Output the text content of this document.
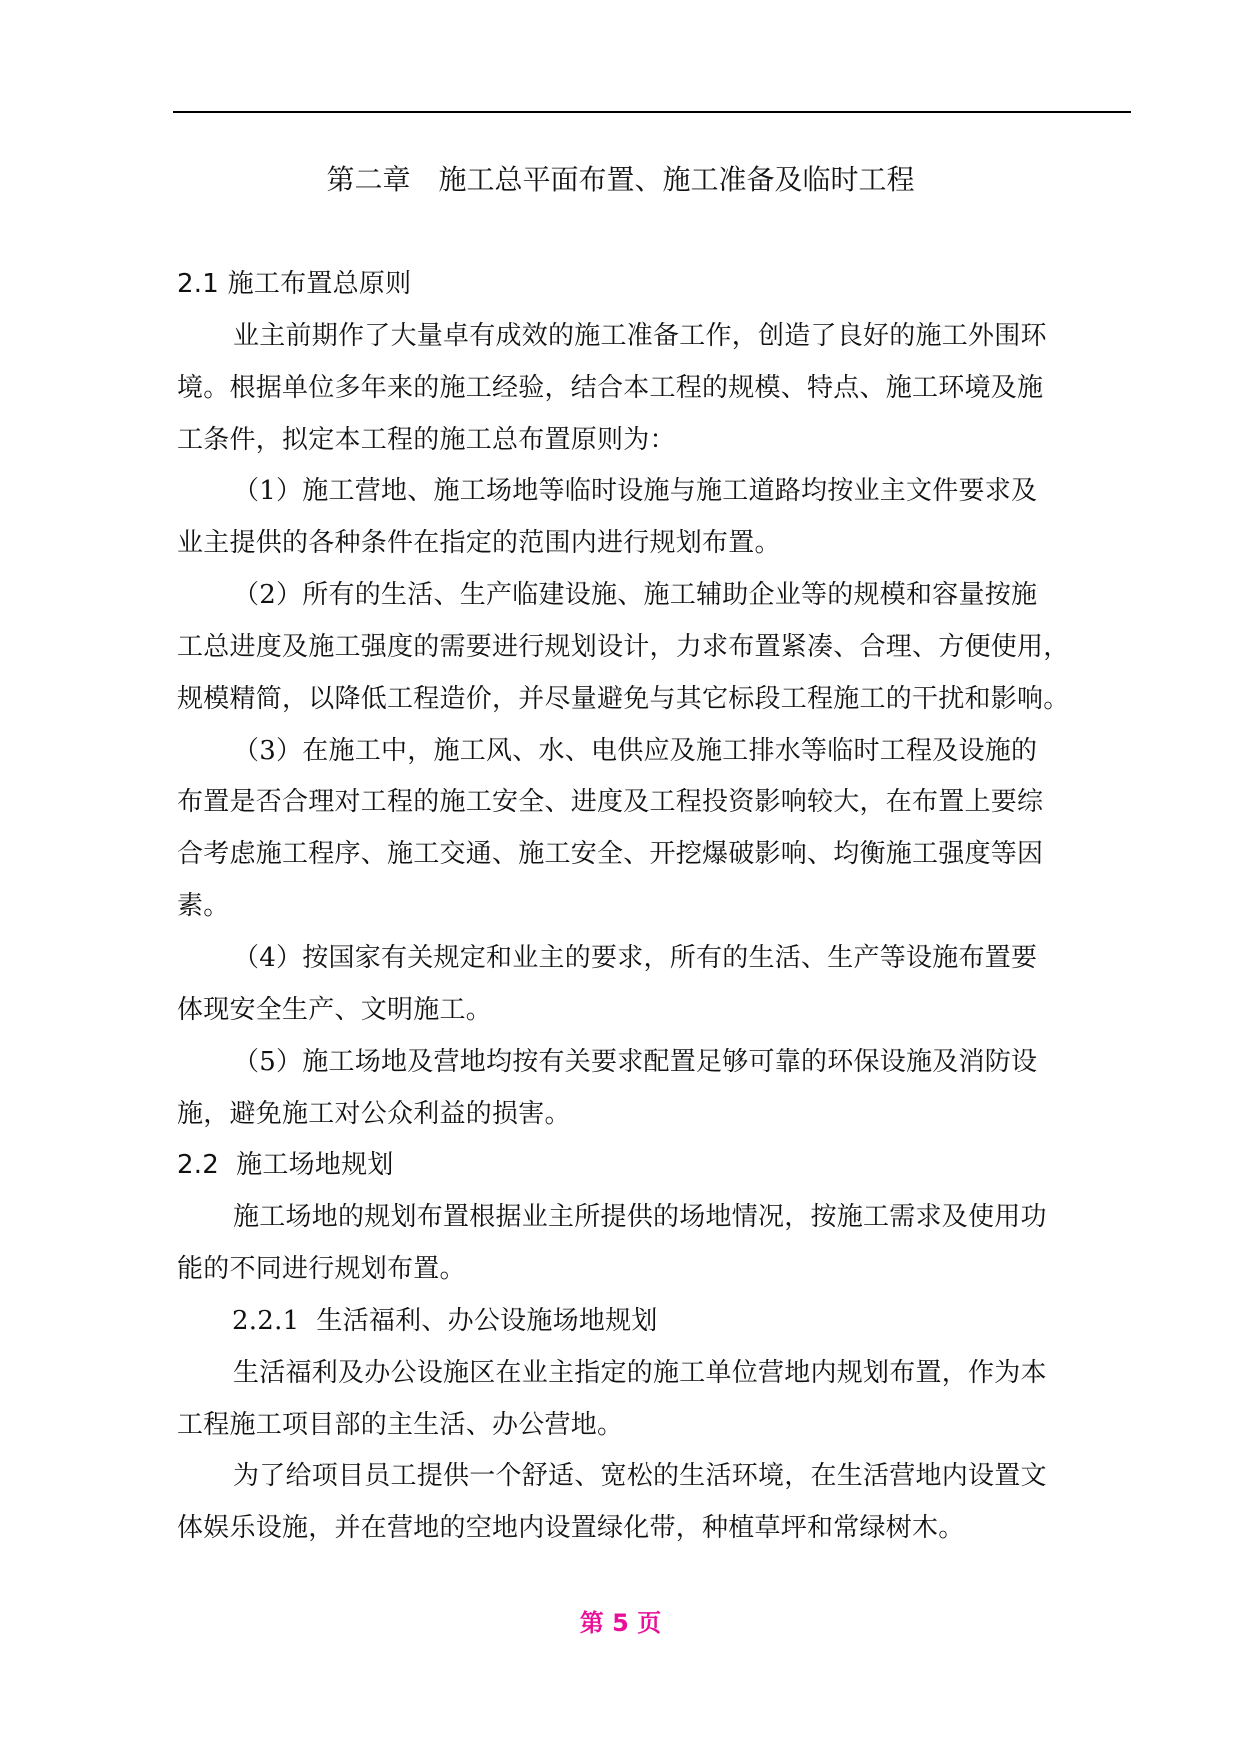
第二章　施工总平面布置、施工准备及临时工程
2.1 施工布置总原则
业主前期作了大量卓有成效的施工准备工作，创造了良好的施工外围环
境。根据单位多年来的施工经验，结合本工程的规模、特点、施工环境及施
工条件，拟定本工程的施工总布置原则为：
（1）施工营地、施工场地等临时设施与施工道路均按业主文件要求及
业主提供的各种条件在指定的范围内进行规划布置。
（2）所有的生活、生产临建设施、施工辅助企业等的规模和容量按施
工总进度及施工强度的需要进行规划设计，力求布置紧凑、合理、方便使用，
规模精简，以降低工程造价，并尽量避免与其它标段工程施工的干扰和影响。
（3）在施工中，施工风、水、电供应及施工排水等临时工程及设施的
布置是否合理对工程的施工安全、进度及工程投资影响较大，在布置上要综
合考虑施工程序、施工交通、施工安全、开挖爆破影响、均衡施工强度等因
素。
（4）按国家有关规定和业主的要求，所有的生活、生产等设施布置要
体现安全生产、文明施工。
（5）施工场地及营地均按有关要求配置足够可靠的环保设施及消防设
施，避免施工对公众利益的损害。
2.2  施工场地规划
施工场地的规划布置根据业主所提供的场地情况，按施工需求及使用功
能的不同进行规划布置。
2.2.1  生活福利、办公设施场地规划
生活福利及办公设施区在业主指定的施工单位营地内规划布置，作为本
工程施工项目部的主生活、办公营地。
为了给项目员工提供一个舒适、宽松的生活环境，在生活营地内设置文
体娱乐设施，并在营地的空地内设置绿化带，种植草坪和常绿树木。
第 5 页
